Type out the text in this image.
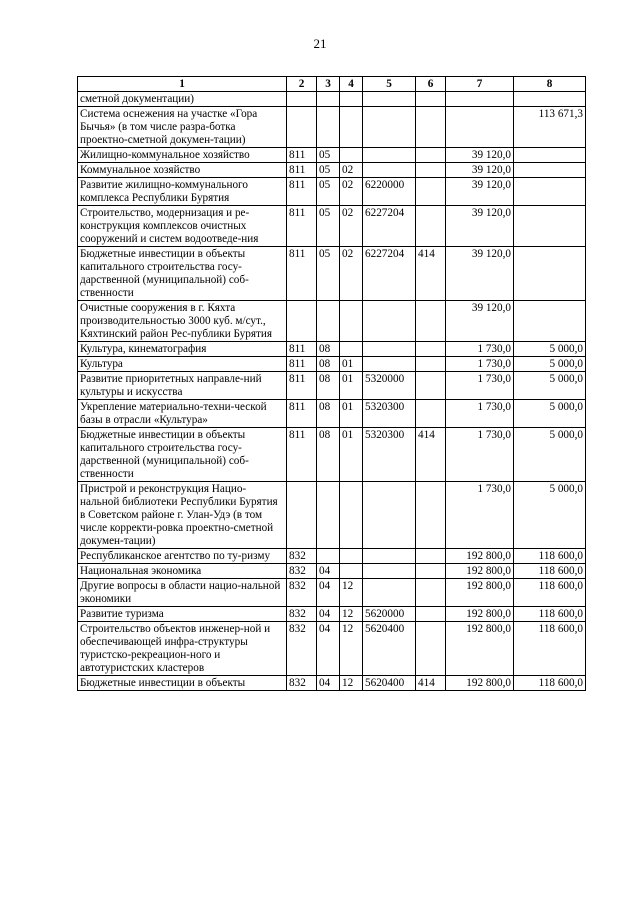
21
1	2	3	4	5	6	7	8
сметной документации)							
Система оснежения на участке «Гора Бычья» (в том числе разра-ботка проектно-сметной докумен-тации)							113 671,3
Жилищно-коммунальное хозяйство	811	05				39 120,0	
Коммунальное хозяйство	811	05	02			39 120,0	
Развитие жилищно-коммунального комплекса Республики Бурятия	811	05	02	6220000		39 120,0	
Строительство, модернизация и ре-конструкция комплексов очистных сооружений и систем водоотведе-ния	811	05	02	6227204		39 120,0	
Бюджетные инвестиции в объекты капитального строительства госу-дарственной (муниципальной) соб-ственности	811	05	02	6227204	414	39 120,0	
Очистные сооружения в г. Кяхта производительностью 3000 куб. м/сут., Кяхтинский район Рес-публики Бурятия						39 120,0	
Культура, кинематография	811	08				1 730,0	5 000,0
Культура	811	08	01			1 730,0	5 000,0
Развитие приоритетных направле-ний культуры и искусства	811	08	01	5320000		1 730,0	5 000,0
Укрепление материально-техни-ческой базы в отрасли «Культура»	811	08	01	5320300		1 730,0	5 000,0
Бюджетные инвестиции в объекты капитального строительства госу-дарственной (муниципальной) соб-ственности	811	08	01	5320300	414	1 730,0	5 000,0
Пристрой и реконструкция Нацио-нальной библиотеки Республики Бурятия в Советском районе г. Улан-Удэ (в том числе корректи-ровка проектно-сметной докумен-тации)						1 730,0	5 000,0
Республиканское агентство по ту-ризму	832					192 800,0	118 600,0
Национальная экономика	832	04				192 800,0	118 600,0
Другие вопросы в области нацио-нальной экономики	832	04	12			192 800,0	118 600,0
Развитие туризма	832	04	12	5620000		192 800,0	118 600,0
Строительство объектов инженер-ной и обеспечивающей инфра-структуры туристско-рекреацион-ного и автотуристских кластеров	832	04	12	5620400		192 800,0	118 600,0
Бюджетные инвестиции в объекты	832	04	12	5620400	414	192 800,0	118 600,0
